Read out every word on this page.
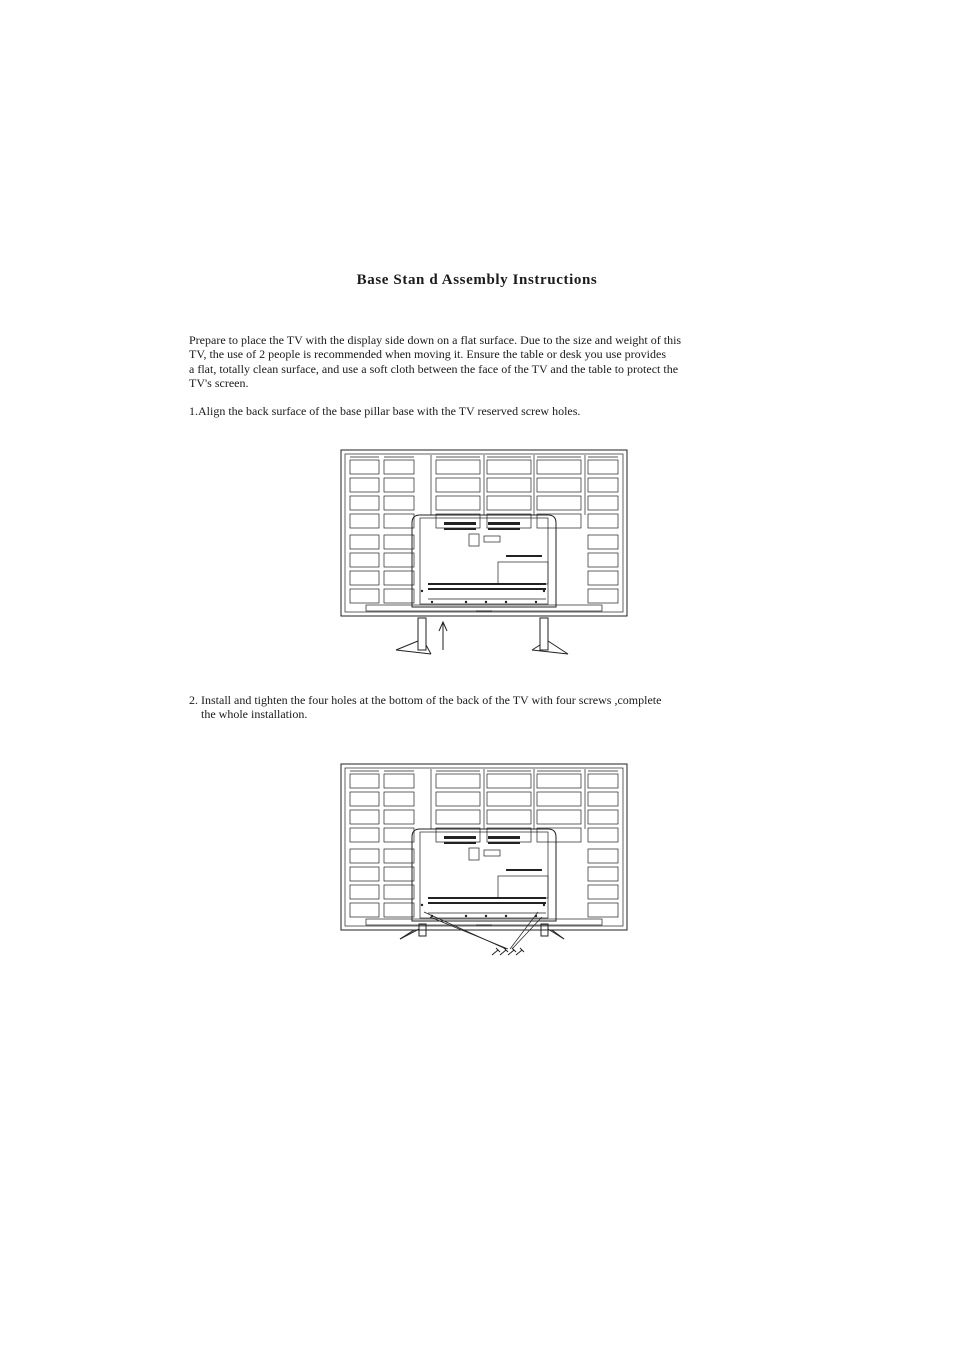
Base Stan d Assembly Instructions

Prepare to place the TV with the display side down on a flat surface. Due to the size and weight of this
TV, the use of 2 people is recommended when moving it. Ensure the table or desk you use provides
a flat, totally clean surface, and use a soft cloth between the face of the TV and the table to protect the
TV's screen.

1.Align the back surface of the base pillar base with the TV reserved screw holes.

2. Install and tighten the four holes at the bottom of the back of the TV with four screws ,complete
the whole installation.
